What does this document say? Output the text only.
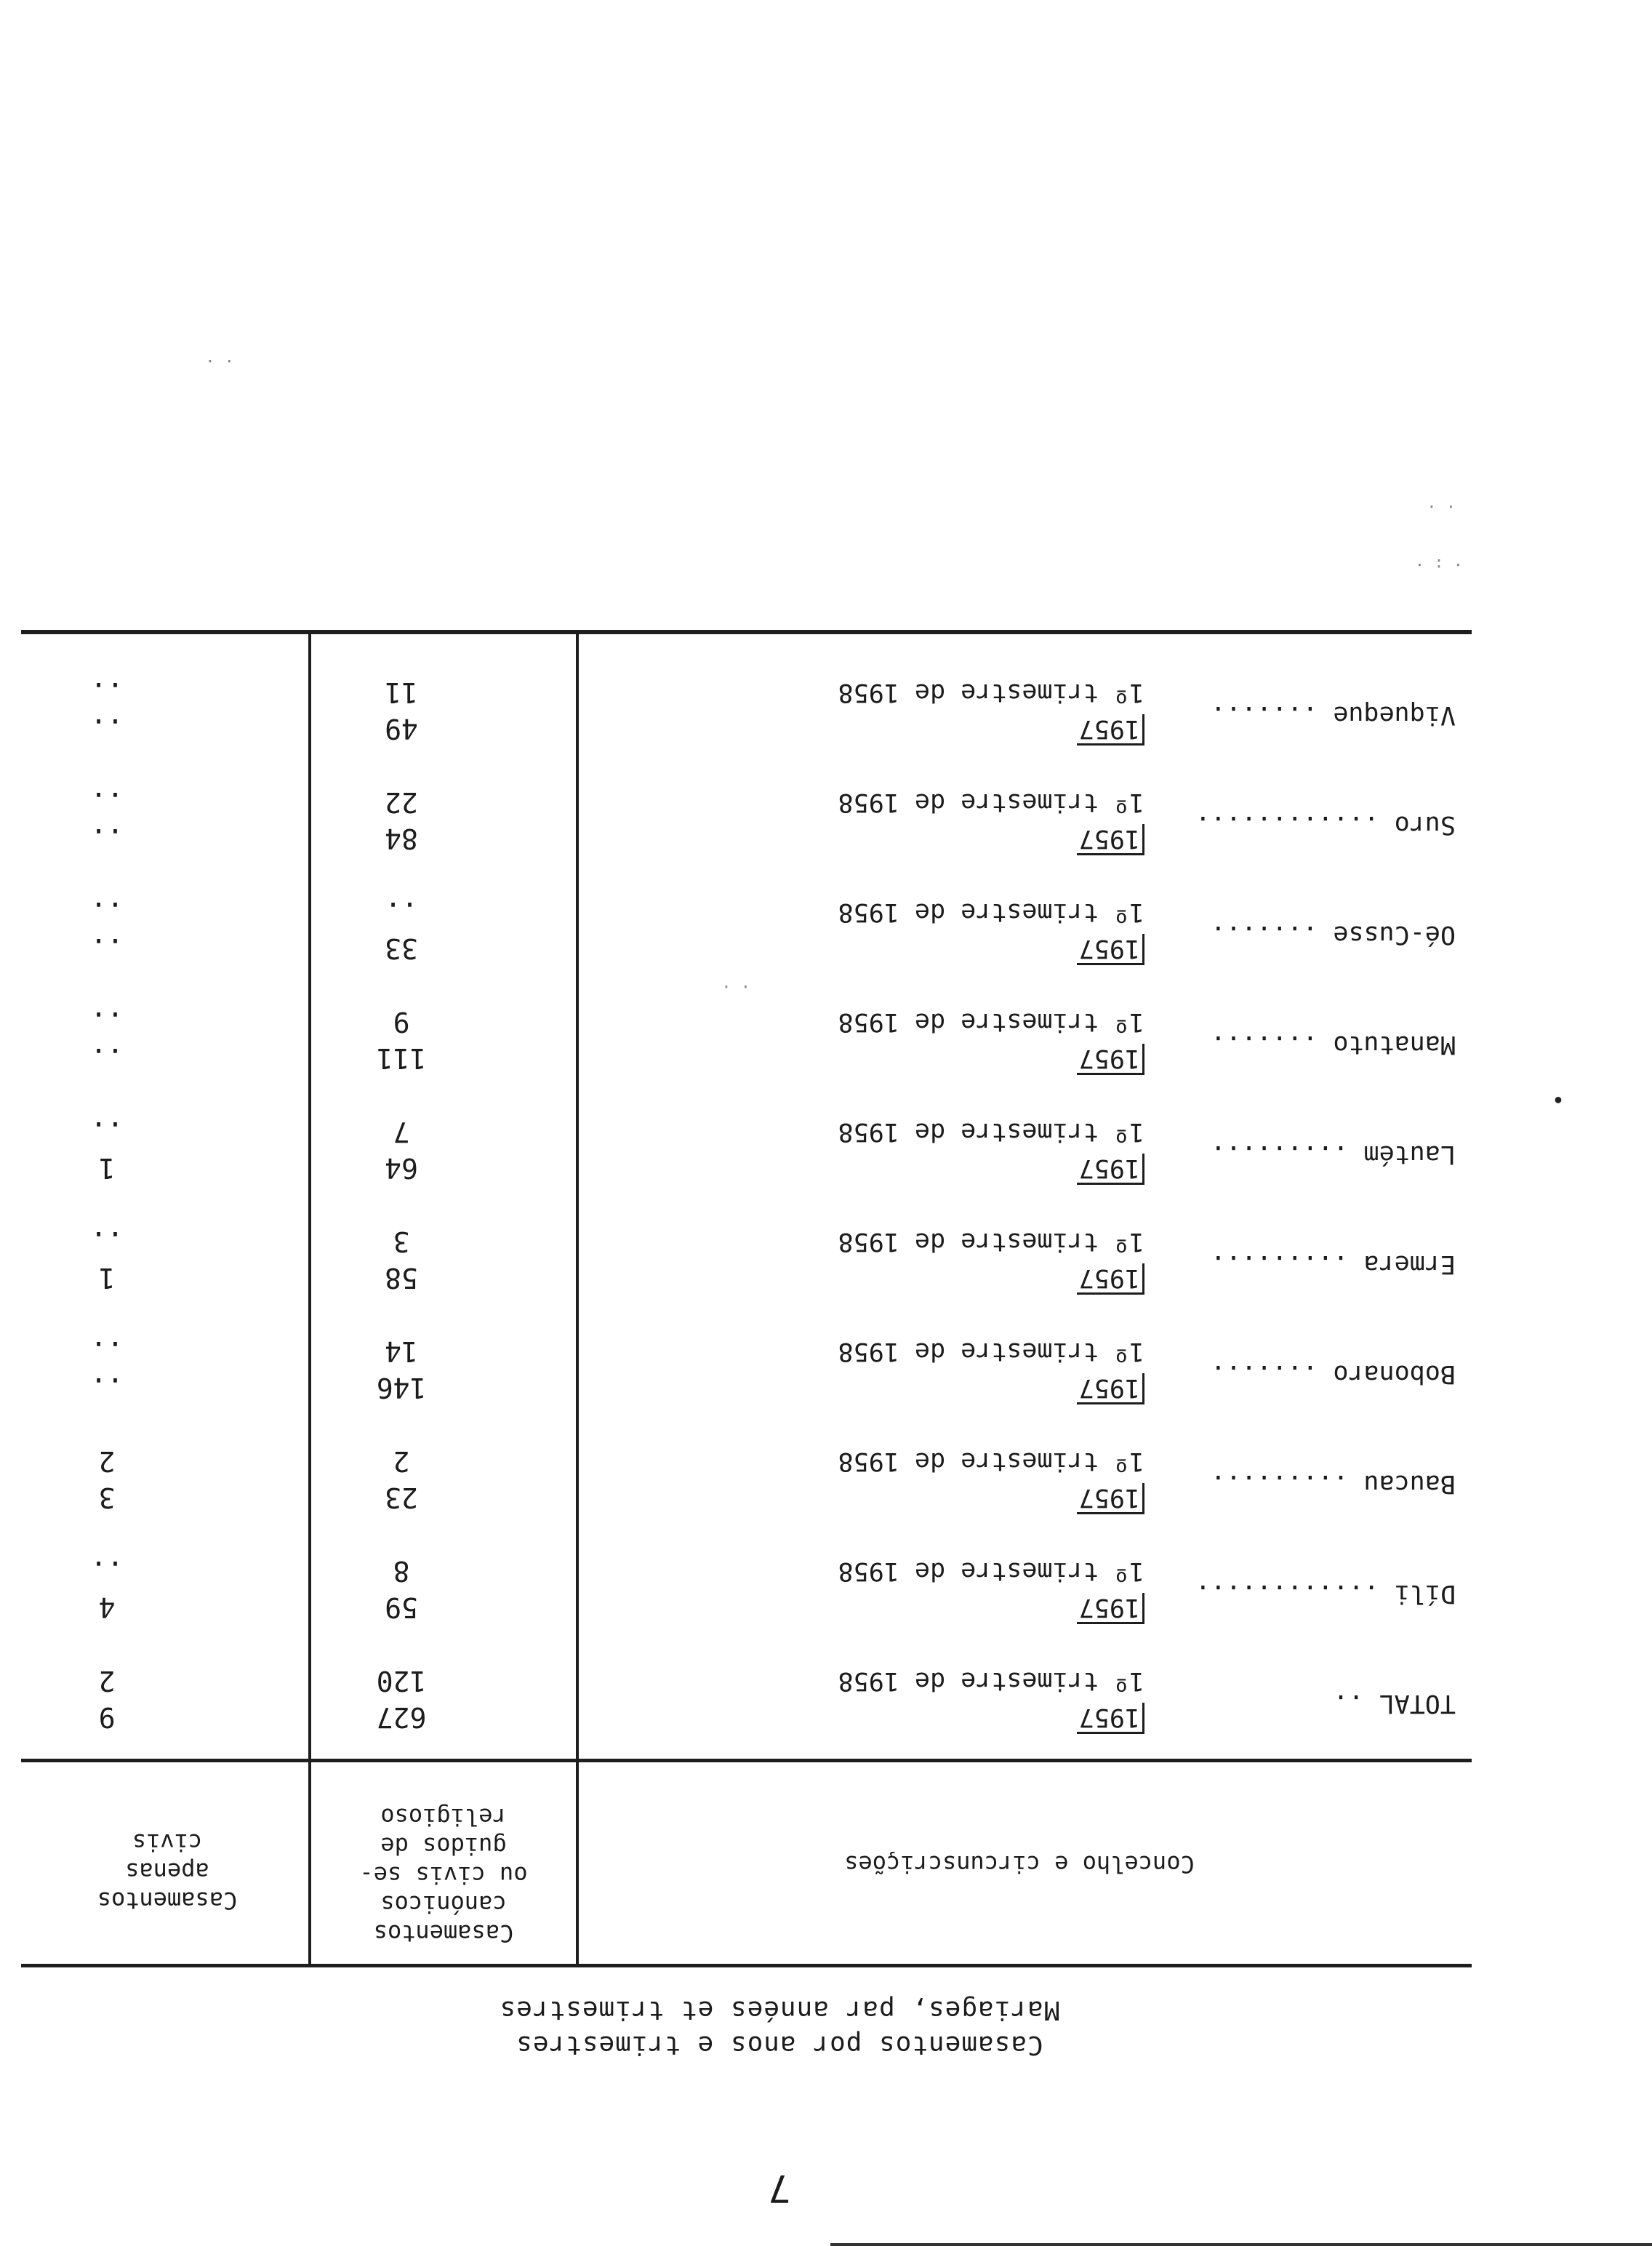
7
Casamentos por anos e trimestres
Mariages, par années et trimestres
Concelho e circunscrições
Casamentos
canónicos
ou civis se-
guidos de
religioso
Casamentos
apenas
civis
TOTAL ..
1957
1º trimestre de 1958
627
120
9
2
Díli ............
1957
1º trimestre de 1958
59
8
4
..
Baucau .........
1957
1º trimestre de 1958
23
2
3
2
Bobonaro .......
1957
1º trimestre de 1958
146
14
..
..
Ermera .........
1957
1º trimestre de 1958
58
3
1
..
Lautém .........
1957
1º trimestre de 1958
64
7
1
..
Manatuto .......
1957
1º trimestre de 1958
111
9
..
..
Oé-Cusse .......
1957
1º trimestre de 1958
33
..
..
..
Suro ............
1957
1º trimestre de 1958
84
22
..
..
Viqueque .......
1957
1º trimestre de 1958
49
11
..
..
· ·
· : ·
· ·
· ·
•
